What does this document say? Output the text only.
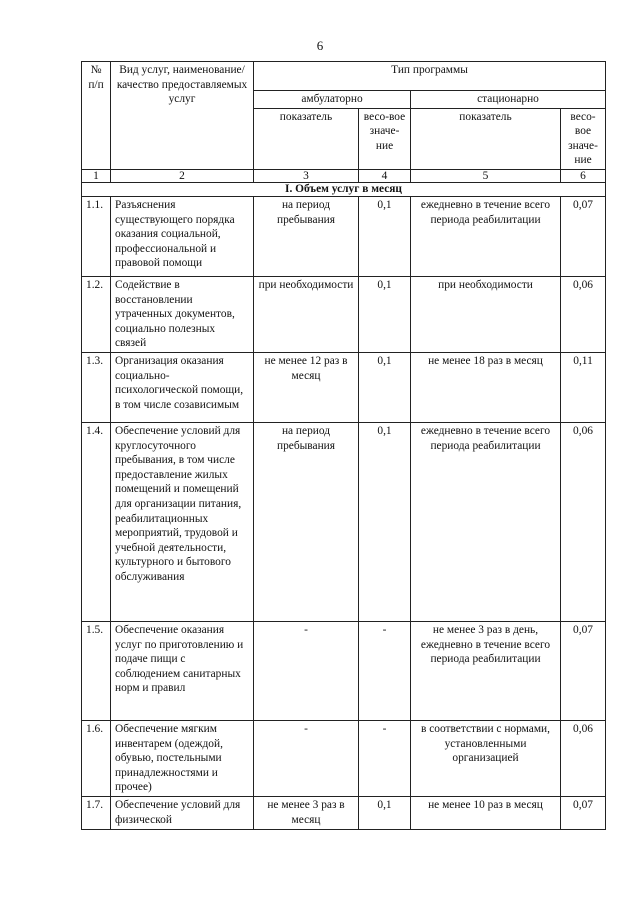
6
№ п/п	Вид услуг, наименование/качество предоставляемых услуг	Тип программы			
		амбулаторно		стационарно	
		показатель	весо-вое значе-ние	показатель	весо-вое значе-ние
1	2	3	4	5	6
I. Объем услуг в месяц					
1.1.	Разъяснения существующего порядка оказания социальной, профессиональной и правовой помощи	на период пребывания	0,1	ежедневно в течение всего периода реабилитации	0,07
1.2.	Содействие в восстановлении утраченных документов, социально полезных связей	при необходимости	0,1	при необходимости	0,06
1.3.	Организация оказания социально-психологической помощи, в том числе созависимым	не менее 12 раз в месяц	0,1	не менее 18 раз в месяц	0,11
1.4.	Обеспечение условий для круглосуточного пребывания, в том числе предоставление жилых помещений и помещений для организации питания, реабилитационных мероприятий, трудовой и учебной деятельности, культурного и бытового обслуживания	на период пребывания	0,1	ежедневно в течение всего периода реабилитации	0,06
1.5.	Обеспечение оказания услуг по приготовлению и подаче пищи с соблюдением санитарных норм и правил	-	-	не менее 3 раз в день, ежедневно в течение всего периода реабилитации	0,07
1.6.	Обеспечение мягким инвентарем (одеждой, обувью, постельными принадлежностями и прочее)	-	-	в соответствии с нормами, установленными организацией	0,06
1.7.	Обеспечение условий для физической	не менее 3 раз в месяц	0,1	не менее 10 раз в месяц	0,07
